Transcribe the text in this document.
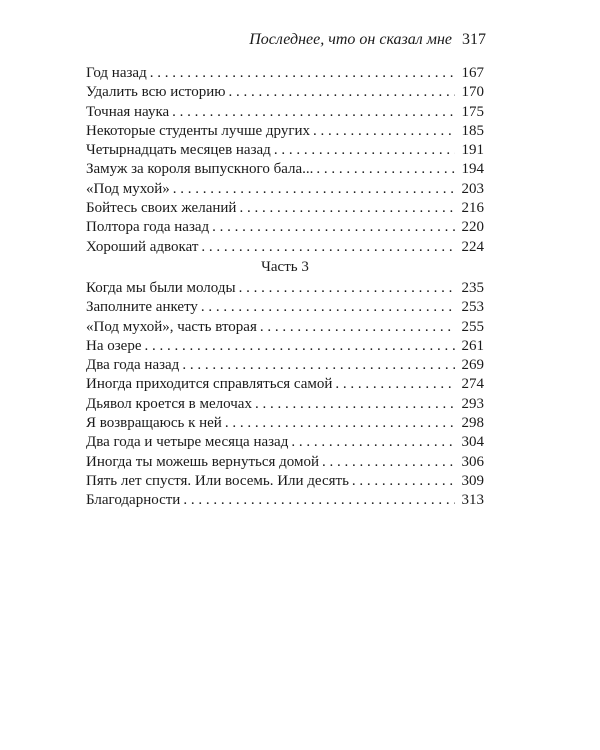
Последнее, что он сказал мне 317
Год назад . . .	167
Удалить всю историю . . .	170
Точная наука . . .	175
Некоторые студенты лучше других . . .	185
Четырнадцать месяцев назад . . .	191
Замуж за короля выпускного бала... . . .	194
«Под мухой» . . .	203
Бойтесь своих желаний . . .	216
Полтора года назад . . .	220
Хороший адвокат . . .	224
Часть 3
Когда мы были молоды . . .	235
Заполните анкету . . .	253
«Под мухой», часть вторая . . .	255
На озере . . .	261
Два года назад . . .	269
Иногда приходится справляться самой . . .	274
Дьявол кроется в мелочах . . .	293
Я возвращаюсь к ней . . .	298
Два года и четыре месяца назад . . .	304
Иногда ты можешь вернуться домой . . .	306
Пять лет спустя. Или восемь. Или десять . . .	309
Благодарности . . .	313
